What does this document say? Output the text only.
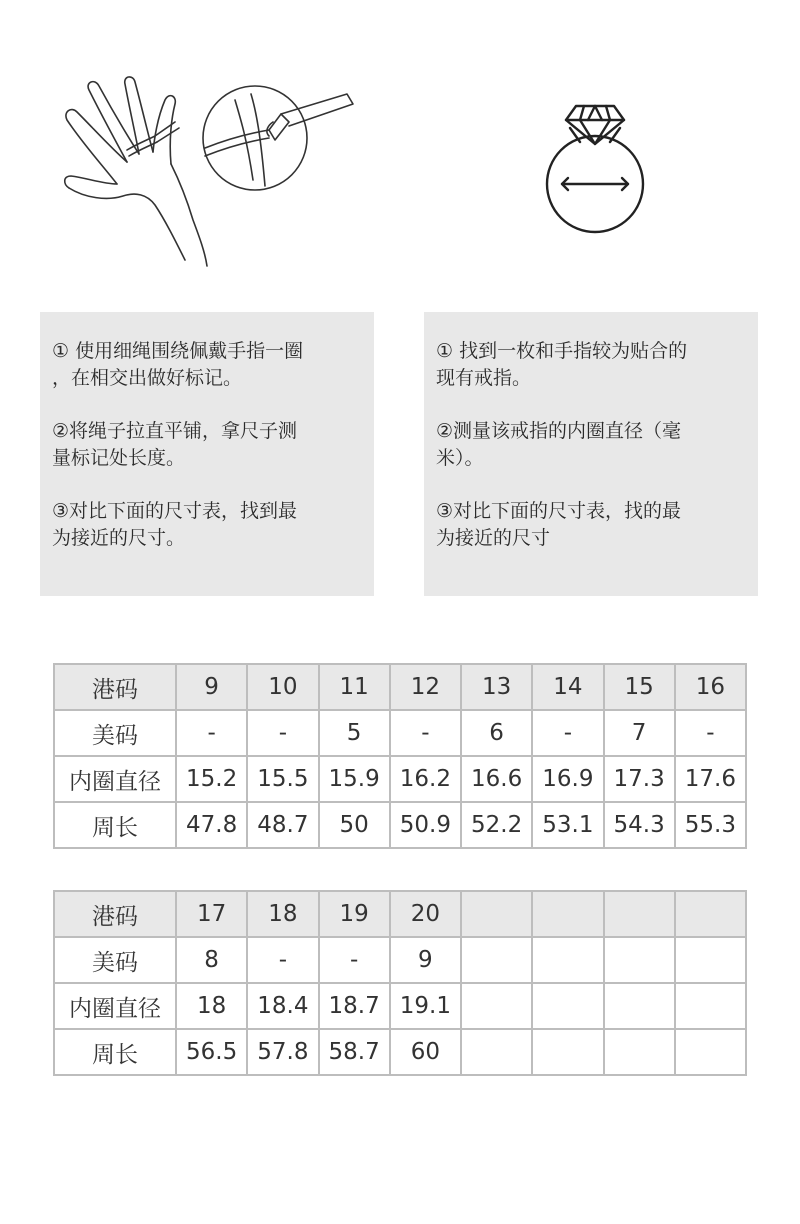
① 使用细绳围绕佩戴手指一圈
，在相交出做好标记。

②将绳子拉直平铺，拿尺子测
量标记处长度。

③对比下面的尺寸表，找到最
为接近的尺寸。

① 找到一枚和手指较为贴合的
现有戒指。

②测量该戒指的内圈直径（毫
米）。

③对比下面的尺寸表，找的最
为接近的尺寸

港码	9	10	11	12	13	14	15	16
美码	-	-	5	-	6	-	7	-
内圈直径	15.2	15.5	15.9	16.2	16.6	16.9	17.3	17.6
周长	47.8	48.7	50	50.9	52.2	53.1	54.3	55.3
港码	17	18	19	20				
美码	8	-	-	9				
内圈直径	18	18.4	18.7	19.1				
周长	56.5	57.8	58.7	60				
